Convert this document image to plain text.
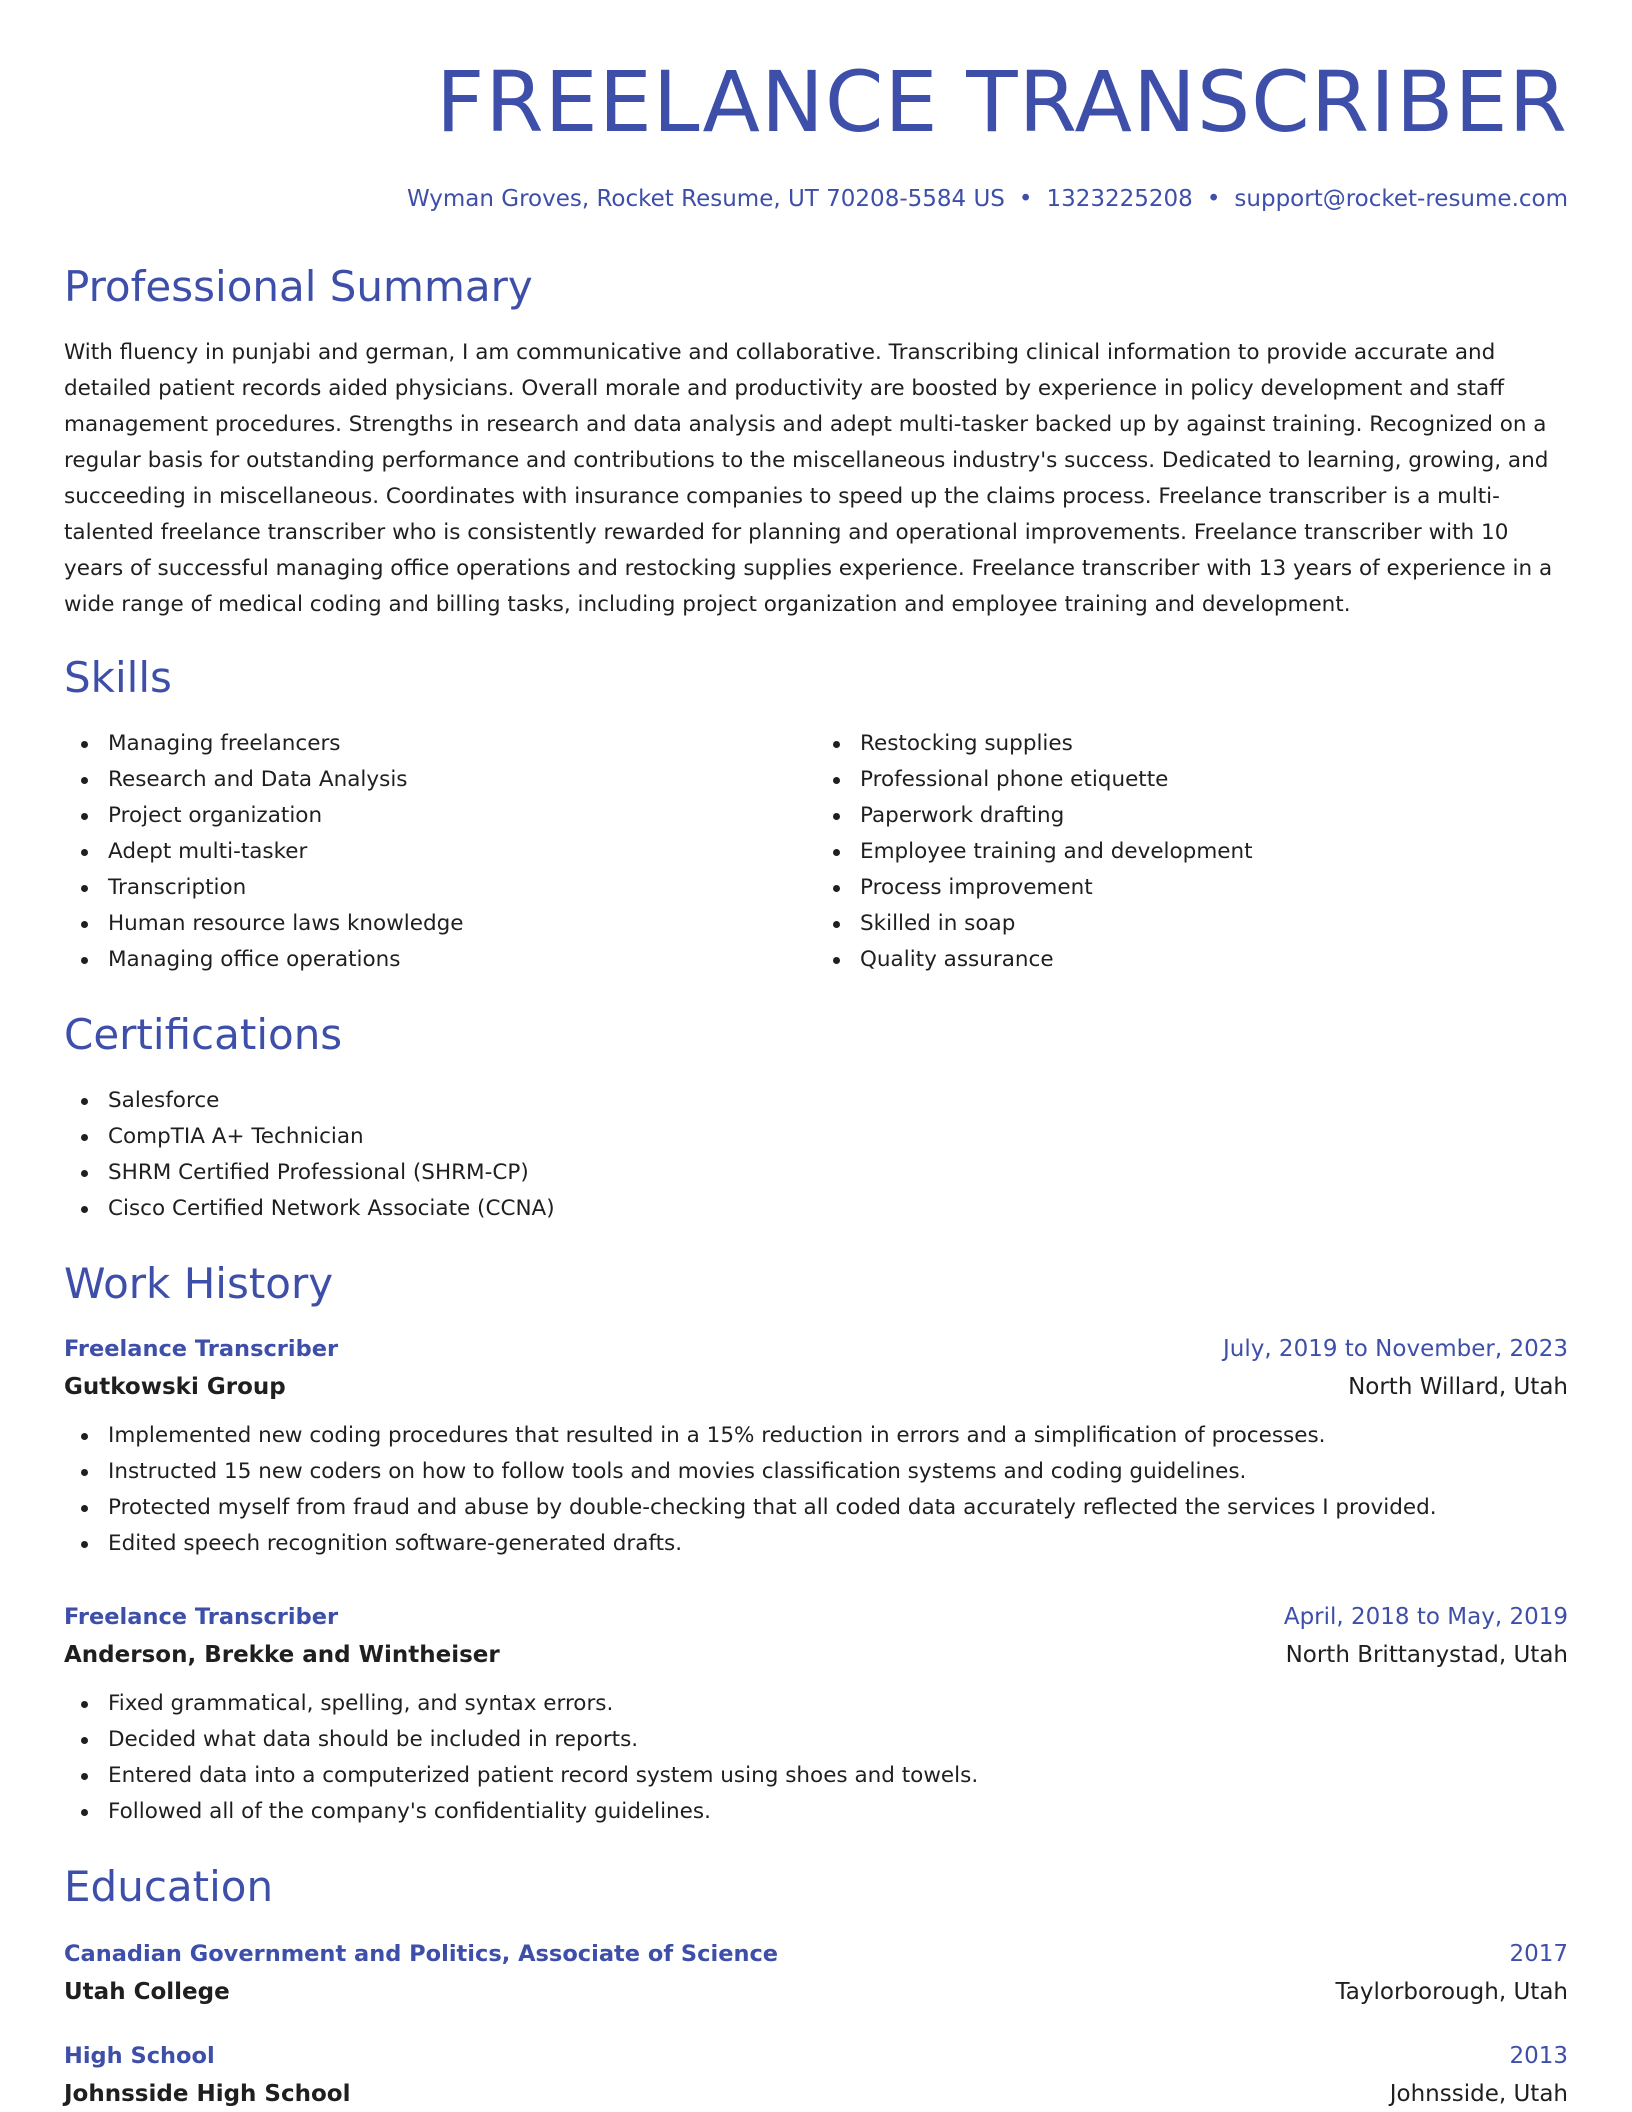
FREELANCE TRANSCRIBER
Wyman Groves, Rocket Resume, UT 70208-5584 US • 1323225208 • support@rocket-resume.com
Professional Summary
With fluency in punjabi and german, I am communicative and collaborative. Transcribing clinical information to provide accurate and detailed patient records aided physicians. Overall morale and productivity are boosted by experience in policy development and staff management procedures. Strengths in research and data analysis and adept multi-tasker backed up by against training. Recognized on a regular basis for outstanding performance and contributions to the miscellaneous industry's success. Dedicated to learning, growing, and succeeding in miscellaneous. Coordinates with insurance companies to speed up the claims process. Freelance transcriber is a multi-talented freelance transcriber who is consistently rewarded for planning and operational improvements. Freelance transcriber with 10 years of successful managing office operations and restocking supplies experience. Freelance transcriber with 13 years of experience in a wide range of medical coding and billing tasks, including project organization and employee training and development.
Skills
Managing freelancers
Research and Data Analysis
Project organization
Adept multi-tasker
Transcription
Human resource laws knowledge
Managing office operations
Restocking supplies
Professional phone etiquette
Paperwork drafting
Employee training and development
Process improvement
Skilled in soap
Quality assurance
Certifications
Salesforce
CompTIA A+ Technician
SHRM Certified Professional (SHRM-CP)
Cisco Certified Network Associate (CCNA)
Work History
Freelance Transcriber	July, 2019 to November, 2023
Gutkowski Group	North Willard, Utah
Implemented new coding procedures that resulted in a 15% reduction in errors and a simplification of processes.
Instructed 15 new coders on how to follow tools and movies classification systems and coding guidelines.
Protected myself from fraud and abuse by double-checking that all coded data accurately reflected the services I provided.
Edited speech recognition software-generated drafts.
Freelance Transcriber	April, 2018 to May, 2019
Anderson, Brekke and Wintheiser	North Brittanystad, Utah
Fixed grammatical, spelling, and syntax errors.
Decided what data should be included in reports.
Entered data into a computerized patient record system using shoes and towels.
Followed all of the company's confidentiality guidelines.
Education
Canadian Government and Politics, Associate of Science	2017
Utah College	Taylorborough, Utah
High School	2013
Johnsside High School	Johnsside, Utah
